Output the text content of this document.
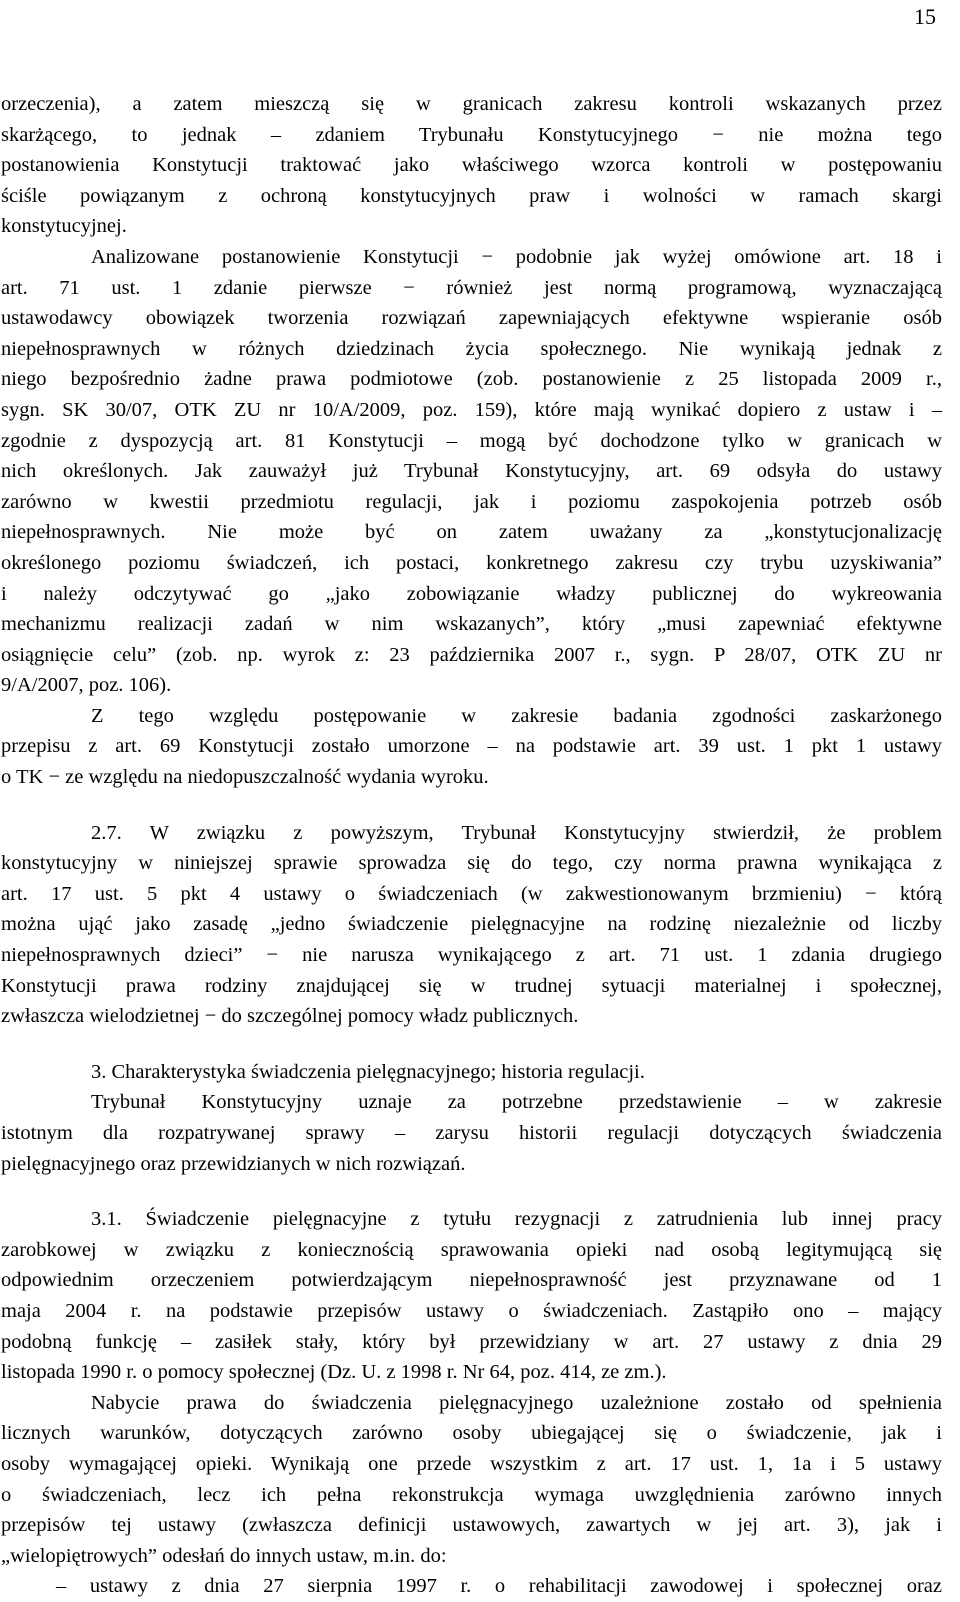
15
orzeczenia), a zatem mieszczą się w granicach zakresu kontroli wskazanych przez
skarżącego, to jednak – zdaniem Trybunału Konstytucyjnego − nie można tego
postanowienia Konstytucji traktować jako właściwego wzorca kontroli w postępowaniu
ściśle powiązanym z ochroną konstytucyjnych praw i wolności w ramach skargi
konstytucyjnej.
Analizowane postanowienie Konstytucji − podobnie jak wyżej omówione art. 18 i
art. 71 ust. 1 zdanie pierwsze − również jest normą programową, wyznaczającą
ustawodawcy obowiązek tworzenia rozwiązań zapewniających efektywne wspieranie osób
niepełnosprawnych w różnych dziedzinach życia społecznego. Nie wynikają jednak z
niego bezpośrednio żadne prawa podmiotowe (zob. postanowienie z 25 listopada 2009 r.,
sygn. SK 30/07, OTK ZU nr 10/A/2009, poz. 159), które mają wynikać dopiero z ustaw i –
zgodnie z dyspozycją art. 81 Konstytucji – mogą być dochodzone tylko w granicach w
nich określonych. Jak zauważył już Trybunał Konstytucyjny, art. 69 odsyła do ustawy
zarówno w kwestii przedmiotu regulacji, jak i poziomu zaspokojenia potrzeb osób
niepełnosprawnych. Nie może być on zatem uważany za „konstytucjonalizację
określonego poziomu świadczeń, ich postaci, konkretnego zakresu czy trybu uzyskiwania”
i należy odczytywać go „jako zobowiązanie władzy publicznej do wykreowania
mechanizmu realizacji zadań w nim wskazanych”, który „musi zapewniać efektywne
osiągnięcie celu” (zob. np. wyrok z: 23 października 2007 r., sygn. P 28/07, OTK ZU nr
9/A/2007, poz. 106).
Z tego względu postępowanie w zakresie badania zgodności zaskarżonego
przepisu z art. 69 Konstytucji zostało umorzone – na podstawie art. 39 ust. 1 pkt 1 ustawy
o TK − ze względu na niedopuszczalność wydania wyroku.
2.7. W związku z powyższym, Trybunał Konstytucyjny stwierdził, że problem
konstytucyjny w niniejszej sprawie sprowadza się do tego, czy norma prawna wynikająca z
art. 17 ust. 5 pkt 4 ustawy o świadczeniach (w zakwestionowanym brzmieniu) − którą
można ująć jako zasadę „jedno świadczenie pielęgnacyjne na rodzinę niezależnie od liczby
niepełnosprawnych dzieci” − nie narusza wynikającego z art. 71 ust. 1 zdania drugiego
Konstytucji prawa rodziny znajdującej się w trudnej sytuacji materialnej i społecznej,
zwłaszcza wielodzietnej − do szczególnej pomocy władz publicznych.
3. Charakterystyka świadczenia pielęgnacyjnego; historia regulacji.
Trybunał Konstytucyjny uznaje za potrzebne przedstawienie – w zakresie
istotnym dla rozpatrywanej sprawy – zarysu historii regulacji dotyczących świadczenia
pielęgnacyjnego oraz przewidzianych w nich rozwiązań.
3.1. Świadczenie pielęgnacyjne z tytułu rezygnacji z zatrudnienia lub innej pracy
zarobkowej w związku z koniecznością sprawowania opieki nad osobą legitymującą się
odpowiednim orzeczeniem potwierdzającym niepełnosprawność jest przyznawane od 1
maja 2004 r. na podstawie przepisów ustawy o świadczeniach. Zastąpiło ono – mający
podobną funkcję – zasiłek stały, który był przewidziany w art. 27 ustawy z dnia 29
listopada 1990 r. o pomocy społecznej (Dz. U. z 1998 r. Nr 64, poz. 414, ze zm.).
Nabycie prawa do świadczenia pielęgnacyjnego uzależnione zostało od spełnienia
licznych warunków, dotyczących zarówno osoby ubiegającej się o świadczenie, jak i
osoby wymagającej opieki. Wynikają one przede wszystkim z art. 17 ust. 1, 1a i 5 ustawy
o świadczeniach, lecz ich pełna rekonstrukcja wymaga uwzględnienia zarówno innych
przepisów tej ustawy (zwłaszcza definicji ustawowych, zawartych w jej art. 3), jak i
„wielopiętrowych” odesłań do innych ustaw, m.in. do:
– ustawy z dnia 27 sierpnia 1997 r. o rehabilitacji zawodowej i społecznej oraz
